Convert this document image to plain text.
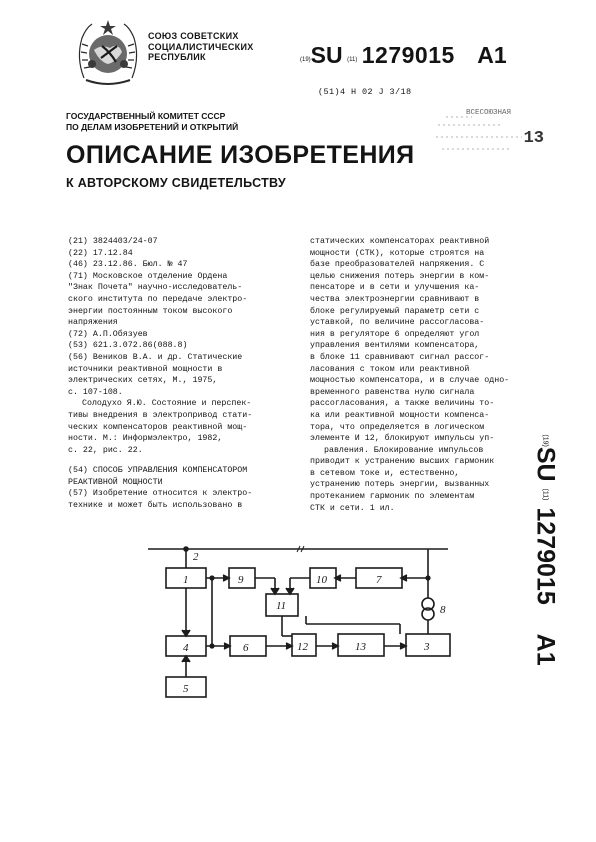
СОЮЗ СОВЕТСКИХ
СОЦИАЛИСТИЧЕСКИХ
РЕСПУБЛИК	(19)SU (11) 1279015 A1
(51)4 Н 02 J 3/18
ВСЕСОЮЗНАЯ
13
ГОСУДАРСТВЕННЫЙ КОМИТЕТ СССР
ПО ДЕЛАМ ИЗОБРЕТЕНИЙ И ОТКРЫТИЙ
ОПИСАНИЕ ИЗОБРЕТЕНИЯ
К АВТОРСКОМУ СВИДЕТЕЛЬСТВУ
(21) 3824403/24-07
(22) 17.12.84
(46) 23.12.86. Бюл. № 47
(71) Московское отделение Ордена
"Знак Почета" научно-исследователь-
ского института по передаче электро-
энергии постоянным током высокого
напряжения
(72) А.П.Обязуев
(53) 621.3.072.86(088.8)
(56) Веников В.А. и др. Статические
источники реактивной мощности в
электрических сетях, М., 1975,
с. 107-108.
Солодухо Я.Ю. Состояние и перспек-
тивы внедрения в электропривод стати-
ческих компенсаторов реактивной мощ-
ности. М.: Информэлектро, 1982,
с. 22, рис. 22.
(54) СПОСОБ УПРАВЛЕНИЯ КОМПЕНСАТОРОМ
РЕАКТИВНОЙ МОЩНОСТИ
(57) Изобретение относится к электро-
технике и может быть использовано в
статических компенсаторах реактивной
мощности (СТК), которые строятся на
базе преобразователей напряжения. С
целью снижения потерь энергии в ком-
пенсаторе и в сети и улучшения ка-
чества электроэнергии сравнивают в
блоке регулируемый параметр сети с
уставкой, по величине рассогласова-
ния в регуляторе 6 определяют угол
управления вентилями компенсатора,
в блоке 11 сравнивают сигнал рассог-
ласования с током или реактивной
мощностью компенсатора, и в случае одно-
временного равенства нулю сигнала
рассогласования, а также величины то-
ка или реактивной мощности компенса-
тора, что определяется в логическом
элементе И 12, блокируют импульсы уп-
равления. Блокирование импульсов
приводит к устранению высших гармоник
в сетевом токе и, естественно,
устранению потерь энергии, вызванных
протеканием гармоник по элементам
СТК и сети. 1 ил.
$^{(19)}$SU $^{(11)}$ 1279015 A1
1
4
5
9
6
11
10	7
12	13	3
2
8
